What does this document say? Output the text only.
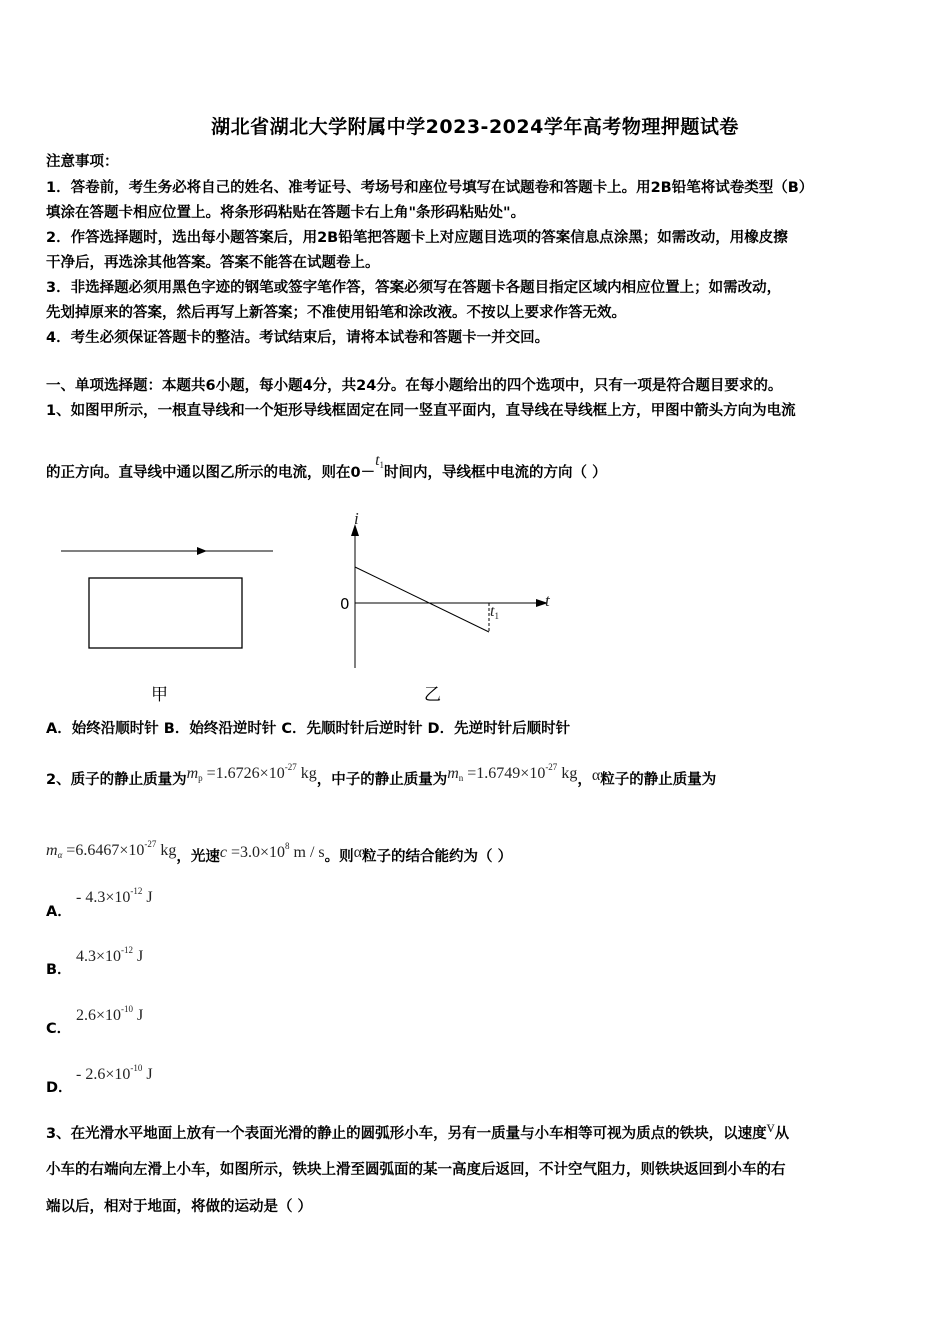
湖北省湖北大学附属中学2023-2024学年高考物理押题试卷
注意事项：
1．答卷前，考生务必将自己的姓名、准考证号、考场号和座位号填写在试题卷和答题卡上。用2B铅笔将试卷类型（B）
填涂在答题卡相应位置上。将条形码粘贴在答题卡右上角"条形码粘贴处"。
2．作答选择题时，选出每小题答案后，用2B铅笔把答题卡上对应题目选项的答案信息点涂黑；如需改动，用橡皮擦
干净后，再选涂其他答案。答案不能答在试题卷上。
3．非选择题必须用黑色字迹的钢笔或签字笔作答，答案必须写在答题卡各题目指定区域内相应位置上；如需改动，
先划掉原来的答案，然后再写上新答案；不准使用铅笔和涂改液。不按以上要求作答无效。
4．考生必须保证答题卡的整洁。考试结束后，请将本试卷和答题卡一并交回。
一、单项选择题：本题共6小题，每小题4分，共24分。在每小题给出的四个选项中，只有一项是符合题目要求的。
1、如图甲所示，一根直导线和一个矩形导线框固定在同一竖直平面内，直导线在导线框上方，甲图中箭头方向为电流
的正方向。直导线中通以图乙所示的电流，则在$0-t_1$时间内，导线框中电流的方向（ ）
甲
i
t
0	$t_1$
乙
A．始终沿顺时针 B．始终沿逆时针 C．先顺时针后逆时针 D．先逆时针后顺时针
2、质子的静止质量为$m_p =1.6726\times 10^{-27}$ kg，中子的静止质量为$m_n =1.6749\times 10^{-27}$ kg，α粒子的静止质量为
$m_\alpha =6.6467\times 10^{-27}$ kg，光速$c =3.0\times 10^8$ m / s。则α粒子的结合能约为（ ）
A．
- $4.3\times 10^{-12}$ J
B．
$4.3\times 10^{-12}$ J
C．
$2.6\times 10^{-10}$ J
D．
- $2.6\times 10^{-10}$ J
3、在光滑水平地面上放有一个表面光滑的静止的圆弧形小车，另有一质量与小车相等可视为质点的铁块，以速度v从
小车的右端向左滑上小车，如图所示，铁块上滑至圆弧面的某一高度后返回，不计空气阻力，则铁块返回到小车的右
端以后，相对于地面，将做的运动是（ ）
